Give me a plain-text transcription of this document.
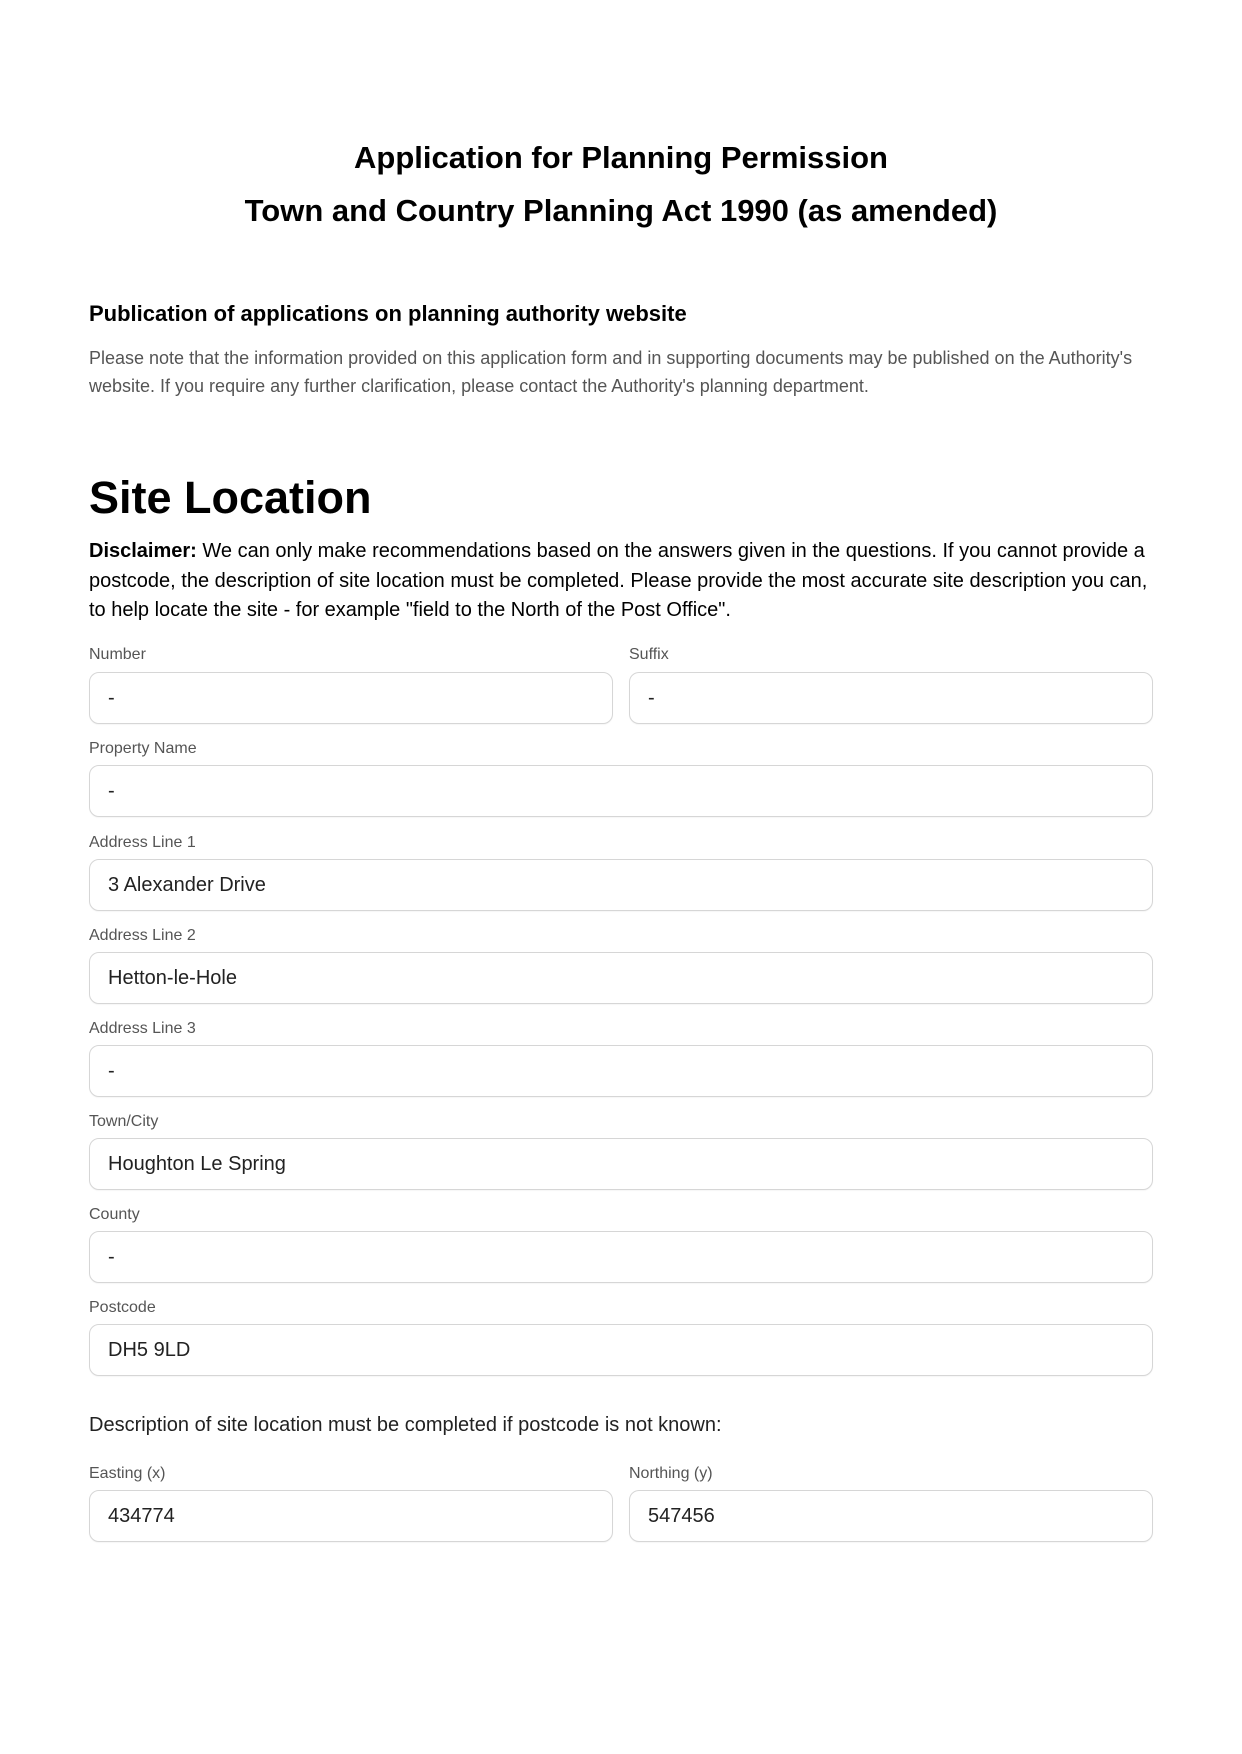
Application for Planning Permission
Town and Country Planning Act 1990 (as amended)
Publication of applications on planning authority website

Please note that the information provided on this application form and in supporting documents may be published on the Authority's website. If you require any further clarification, please contact the Authority's planning department.

Site Location

Disclaimer: We can only make recommendations based on the answers given in the questions. If you cannot provide a postcode, the description of site location must be completed. Please provide the most accurate site description you can, to help locate the site - for example "field to the North of the Post Office".

Number	Suffix
-	-
Property Name
-
Address Line 1
3 Alexander Drive
Address Line 2
Hetton-le-Hole
Address Line 3
-
Town/City
Houghton Le Spring
County
-
Postcode
DH5 9LD
Description of site location must be completed if postcode is not known:
Easting (x)	Northing (y)
434774	547456
